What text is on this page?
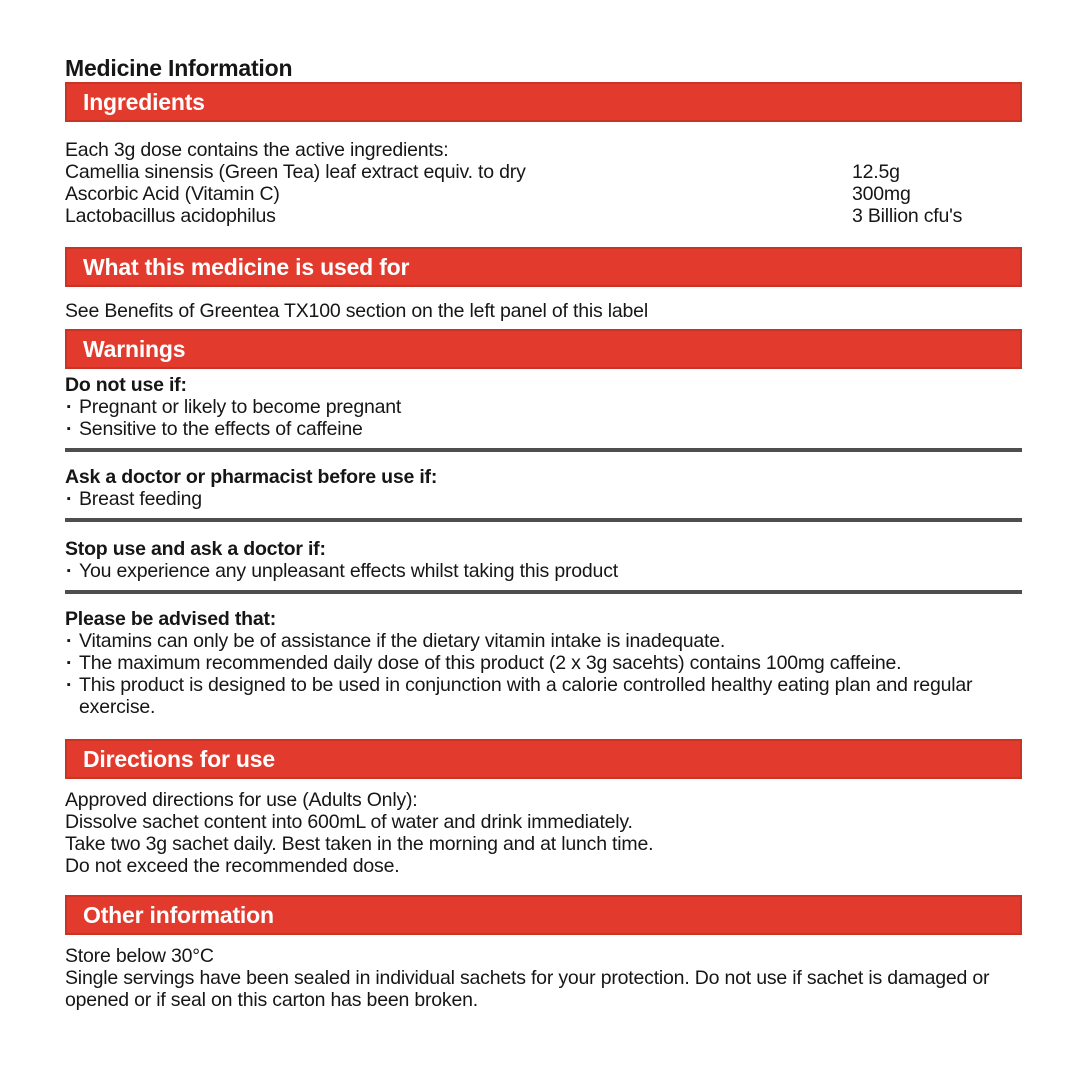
Medicine Information
Ingredients
Each 3g dose contains the active ingredients:
Camellia sinensis (Green Tea) leaf extract equiv. to dry	12.5g
Ascorbic Acid (Vitamin C)	300mg
Lactobacillus acidophilus	3 Billion cfu's
What this medicine is used for
See Benefits of Greentea TX100 section on the left panel of this label
Warnings
Do not use if:
· Pregnant or likely to become pregnant
· Sensitive to the effects of caffeine
Ask a doctor or pharmacist before use if:
· Breast feeding
Stop use and ask a doctor if:
· You experience any unpleasant effects whilst taking this product
Please be advised that:
· Vitamins can only be of assistance if the dietary vitamin intake is inadequate.
· The maximum recommended daily dose of this product (2 x 3g sacehts) contains 100mg caffeine.
· This product is designed to be used in conjunction with a calorie controlled healthy eating plan and regular exercise.
Directions for use
Approved directions for use (Adults Only):
Dissolve sachet content into 600mL of water and drink immediately.
Take two 3g sachet daily. Best taken in the morning and at lunch time.
Do not exceed the recommended dose.
Other information
Store below 30°C
Single servings have been sealed in individual sachets for your protection. Do not use if sachet is damaged or opened or if seal on this carton has been broken.
